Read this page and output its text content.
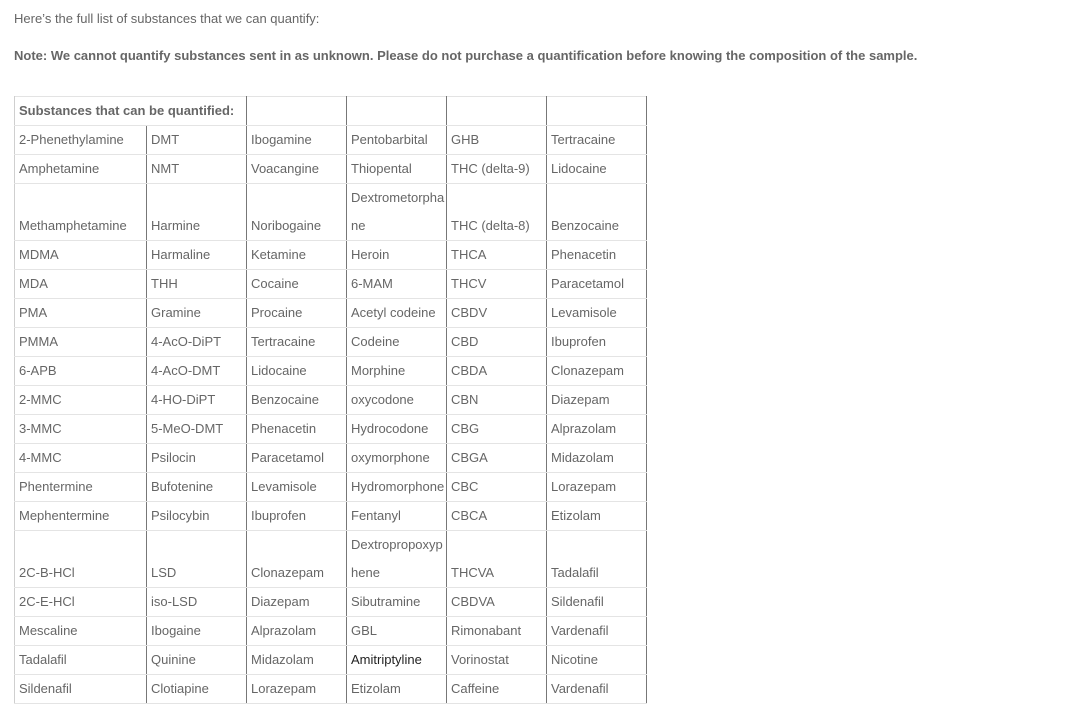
Here’s the full list of substances that we can quantify:
Note: We cannot quantify substances sent in as unknown. Please do not purchase a quantification before knowing the composition of the sample.
Substances that can be quantified:					
2-Phenethylamine	DMT	Ibogamine	Pentobarbital	GHB	Tertracaine
Amphetamine	NMT	Voacangine	Thiopental	THC (delta-9)	Lidocaine
Methamphetamine	Harmine	Noribogaine	Dextrometorphane	THC (delta-8)	Benzocaine
MDMA	Harmaline	Ketamine	Heroin	THCA	Phenacetin
MDA	THH	Cocaine	6-MAM	THCV	Paracetamol
PMA	Gramine	Procaine	Acetyl codeine	CBDV	Levamisole
PMMA	4-AcO-DiPT	Tertracaine	Codeine	CBD	Ibuprofen
6-APB	4-AcO-DMT	Lidocaine	Morphine	CBDA	Clonazepam
2-MMC	4-HO-DiPT	Benzocaine	oxycodone	CBN	Diazepam
3-MMC	5-MeO-DMT	Phenacetin	Hydrocodone	CBG	Alprazolam
4-MMC	Psilocin	Paracetamol	oxymorphone	CBGA	Midazolam
Phentermine	Bufotenine	Levamisole	Hydromorphone	CBC	Lorazepam
Mephentermine	Psilocybin	Ibuprofen	Fentanyl	CBCA	Etizolam
2C-B-HCl	LSD	Clonazepam	Dextropropoxyphene	THCVA	Tadalafil
2C-E-HCl	iso-LSD	Diazepam	Sibutramine	CBDVA	Sildenafil
Mescaline	Ibogaine	Alprazolam	GBL	Rimonabant	Vardenafil
Tadalafil	Quinine	Midazolam	Amitriptyline	Vorinostat	Nicotine
Sildenafil	Clotiapine	Lorazepam	Etizolam	Caffeine	Vardenafil
